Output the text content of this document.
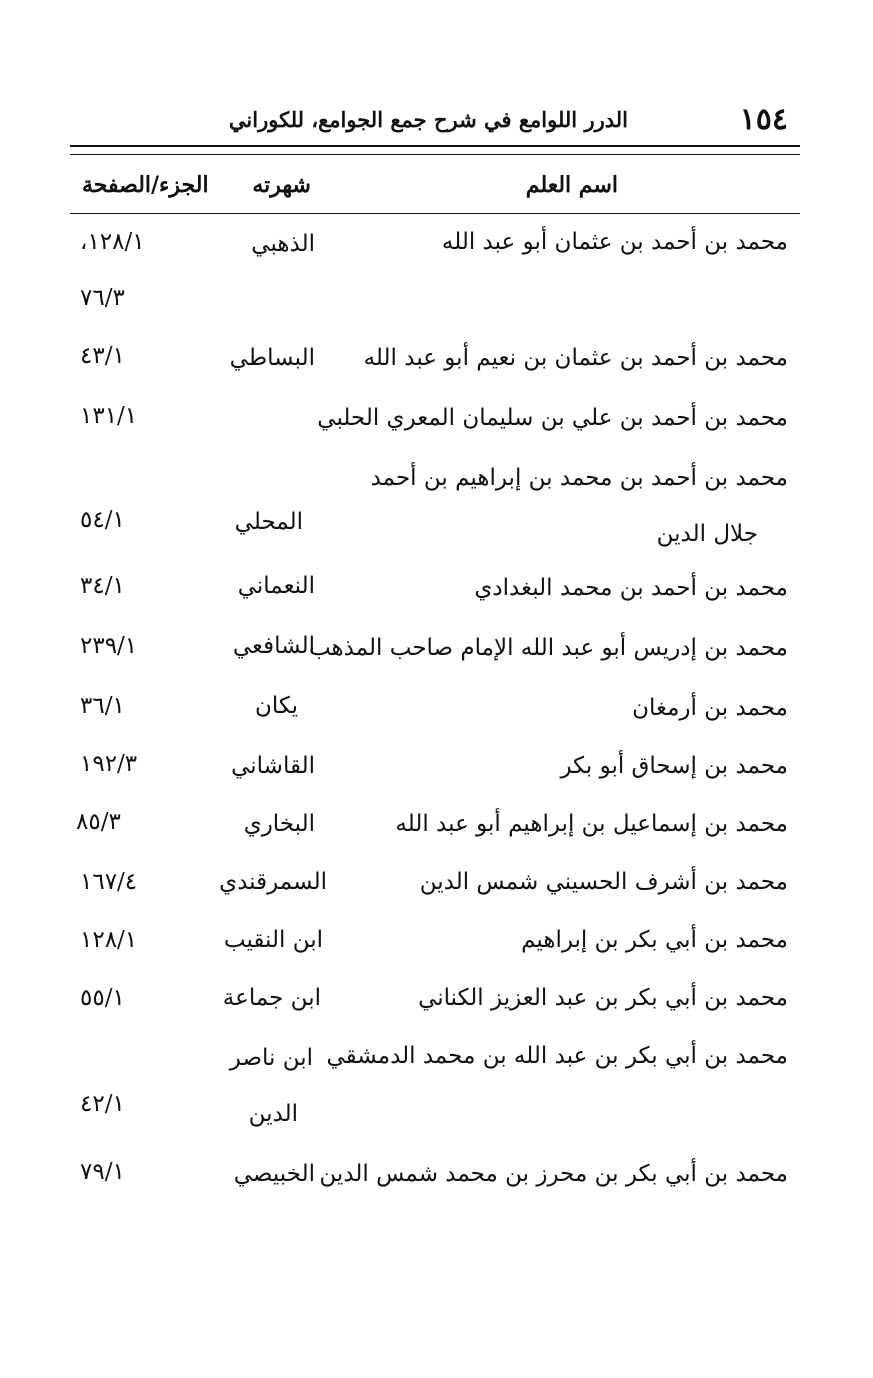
١٥٤
الدرر اللوامع في شرح جمع الجوامع، للكوراني
اسم العلم
شهرته
الجزء/الصفحة
محمد بن أحمد بن عثمان أبو عبد الله
الذهبي
١٢٨/١،
٧٦/٣
محمد بن أحمد بن عثمان بن نعيم أبو عبد الله
البساطي
٤٣/١
محمد بن أحمد بن علي بن سليمان المعري الحلبي
١٣١/١
محمد بن أحمد بن محمد بن إبراهيم بن أحمد
جلال الدين
المحلي
٥٤/١
محمد بن أحمد بن محمد البغدادي
النعماني
٣٤/١
محمد بن إدريس أبو عبد الله الإمام صاحب المذهب
الشافعي
٢٣٩/١
محمد بن أرمغان
يكان
٣٦/١
محمد بن إسحاق أبو بكر
القاشاني
١٩٢/٣
محمد بن إسماعيل بن إبراهيم أبو عبد الله
البخاري
٨٥/٣
محمد بن أشرف الحسيني شمس الدين
السمرقندي
١٦٧/٤
محمد بن أبي بكر بن إبراهيم
ابن النقيب
١٢٨/١
محمد بن أبي بكر بن عبد العزيز الكناني
ابن جماعة
٥٥/١
محمد بن أبي بكر بن عبد الله بن محمد الدمشقي
ابن ناصر
الدين
٤٢/١
محمد بن أبي بكر بن محرز بن محمد شمس الدين
الخبيصي
٧٩/١
